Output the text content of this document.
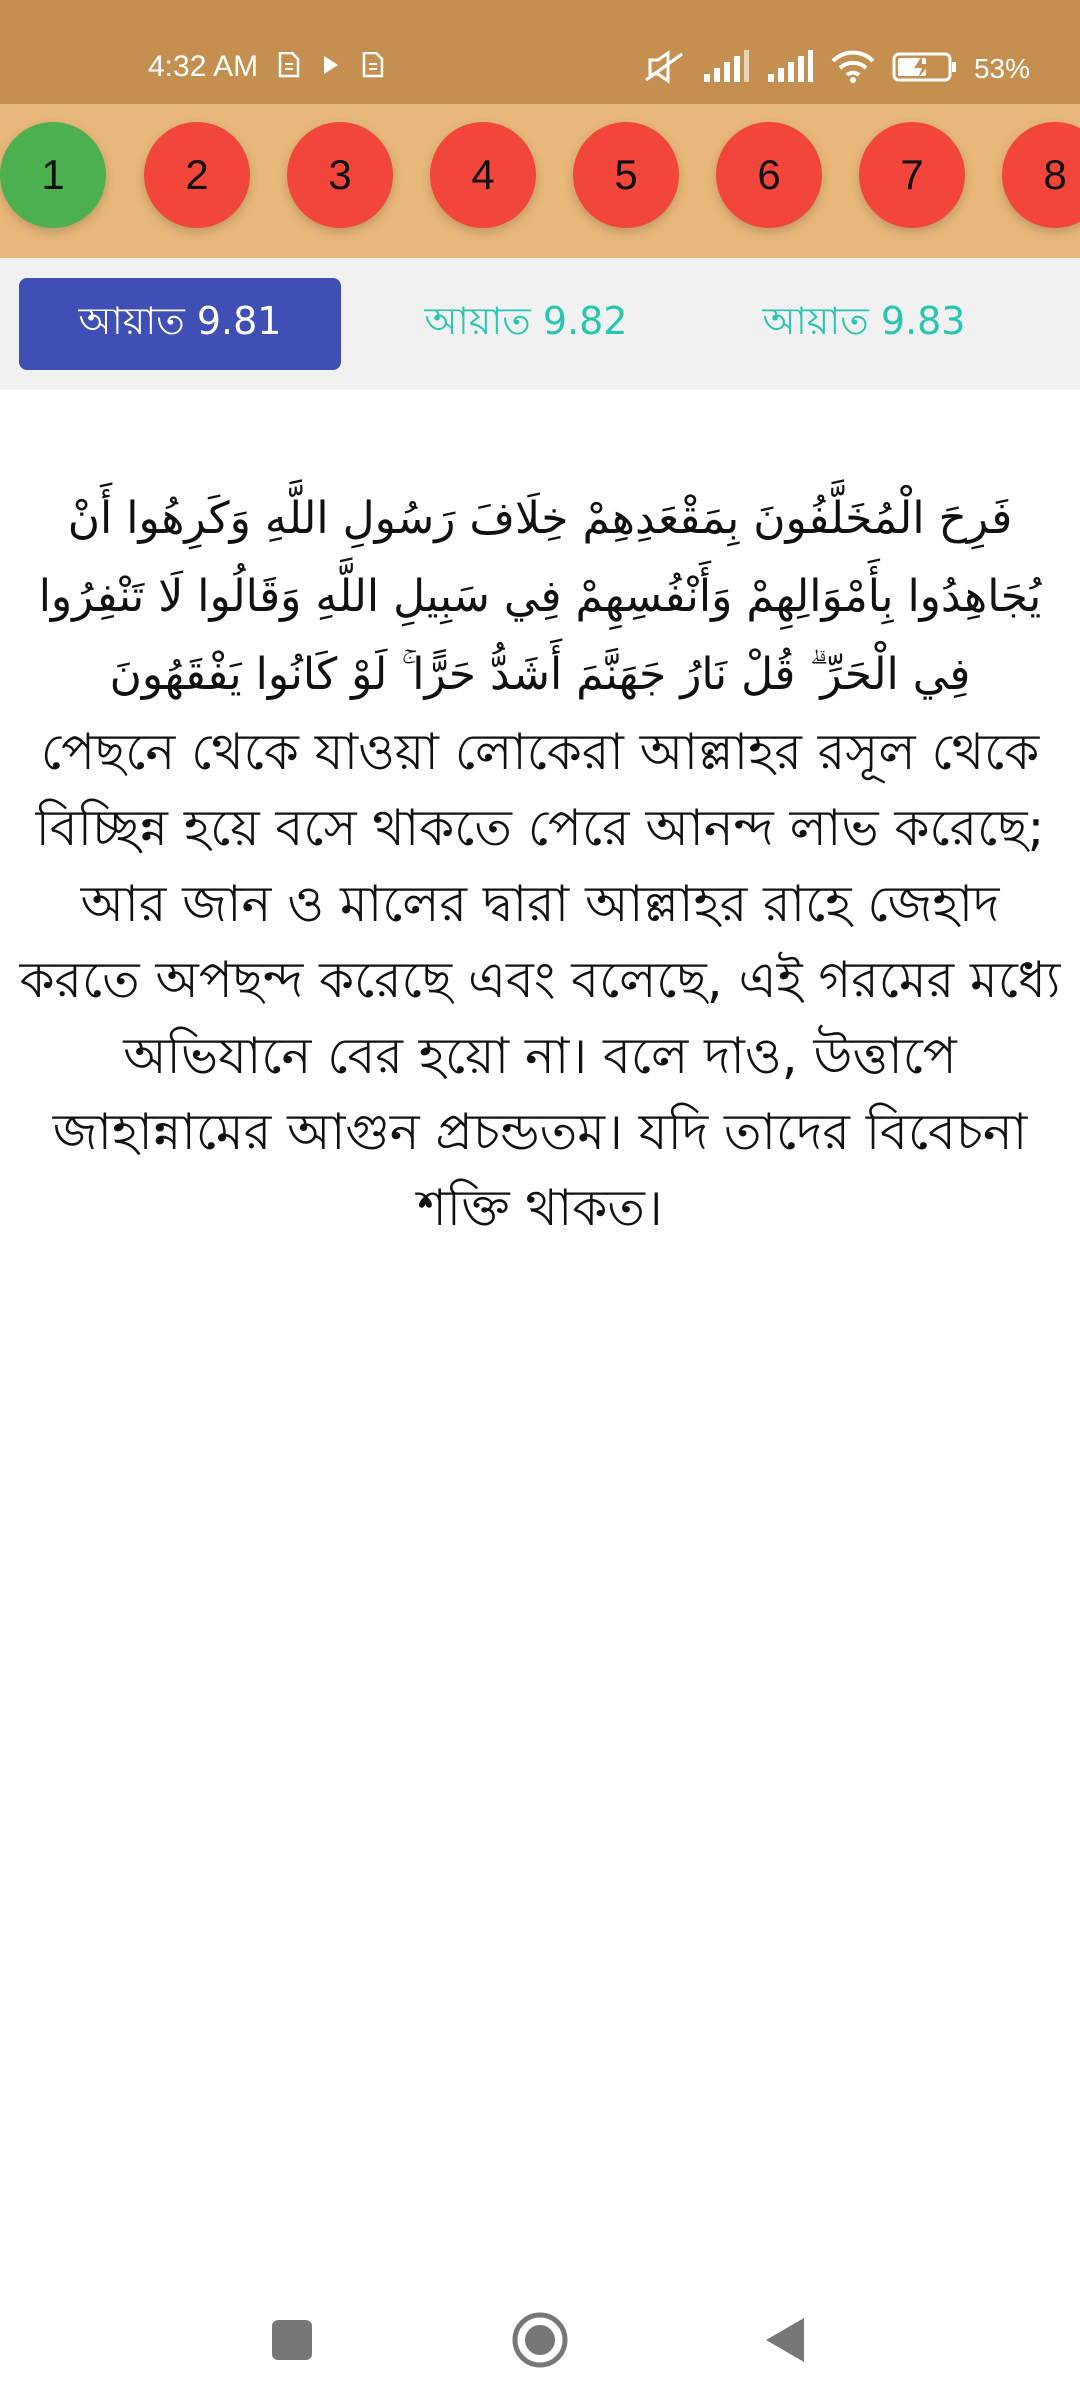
4:32 AM	53%
1	2	3	4	5	6	7	8
আয়াত 9.81	আয়াত 9.82	আয়াত 9.83
فَرِحَ الْمُخَلَّفُونَ بِمَقْعَدِهِمْ خِلَافَ رَسُولِ اللَّهِ وَكَرِهُوا أَنْ يُجَاهِدُوا بِأَمْوَالِهِمْ وَأَنْفُسِهِمْ فِي سَبِيلِ اللَّهِ وَقَالُوا لَا تَنْفِرُوا فِي الْحَرِّ ۗ قُلْ نَارُ جَهَنَّمَ أَشَدُّ حَرًّا ۚ لَوْ كَانُوا يَفْقَهُونَ
পেছনে থেকে যাওয়া লোকেরা আল্লাহর রসূল থেকে বিচ্ছিন্ন হয়ে বসে থাকতে পেরে আনন্দ লাভ করেছে; আর জান ও মালের দ্বারা আল্লাহর রাহে জেহাদ করতে অপছন্দ করেছে এবং বলেছে, এই গরমের মধ্যে অভিযানে বের হয়ো না। বলে দাও, উত্তাপে জাহান্নামের আগুন প্রচন্ডতম। যদি তাদের বিবেচনা শক্তি থাকত।
